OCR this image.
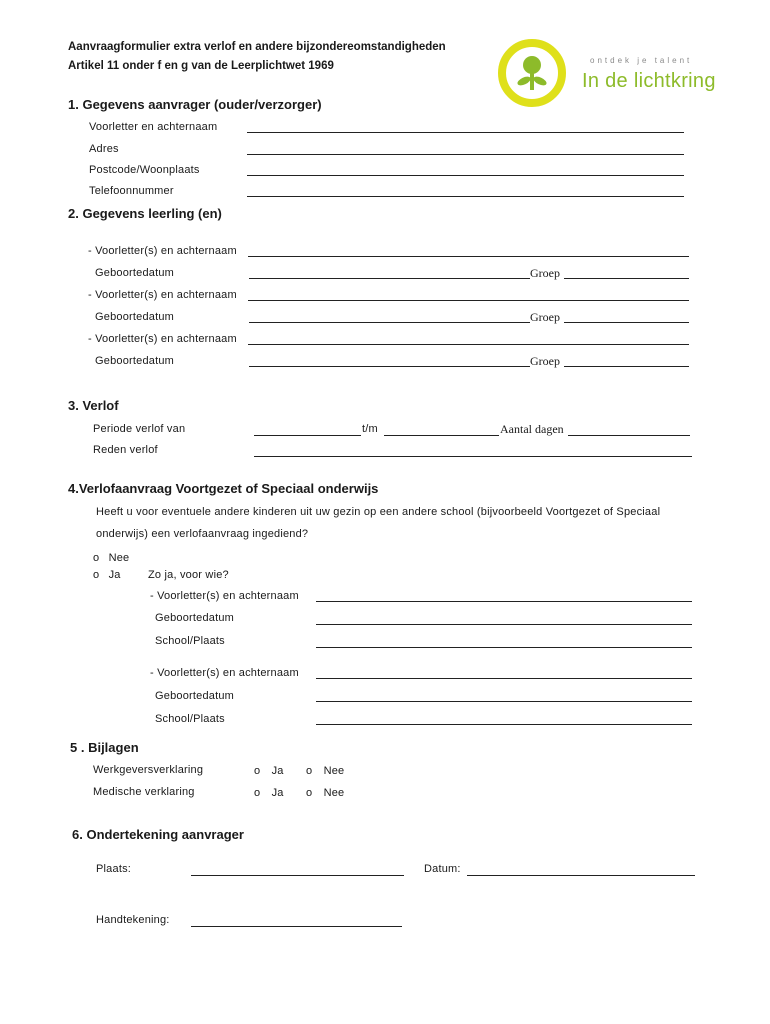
Aanvraagformulier extra verlof en andere bijzondereomstandigheden
Artikel 11 onder f en g van de Leerplichtwet 1969	ontdek je talent
In de lichtkring
1. Gegevens aanvrager (ouder/verzorger)
Voorletter en achternaam
Adres
Postcode/Woonplaats
Telefoonnummer
2. Gegevens leerling (en)
- Voorletter(s) en achternaam
Geboortedatum	Groep
- Voorletter(s) en achternaam
Geboortedatum	Groep
- Voorletter(s) en achternaam
Geboortedatum	Groep
3. Verlof
Periode verlof van	t/m	Aantal dagen
Reden verlof
4.Verlofaanvraag Voortgezet of Speciaal onderwijs
Heeft u voor eventuele andere kinderen uit uw gezin op een andere school (bijvoorbeeld Voortgezet of Speciaal
onderwijs) een verlofaanvraag ingediend?
o Nee
o Ja Zo ja, voor wie?
- Voorletter(s) en achternaam
Geboortedatum
School/Plaats
- Voorletter(s) en achternaam
Geboortedatum
School/Plaats
5 . Bijlagen
Werkgeversverklaring	o Ja o Nee
Medische verklaring	o Ja o Nee
6. Ondertekening aanvrager
Plaats:	Datum:
Handtekening:
